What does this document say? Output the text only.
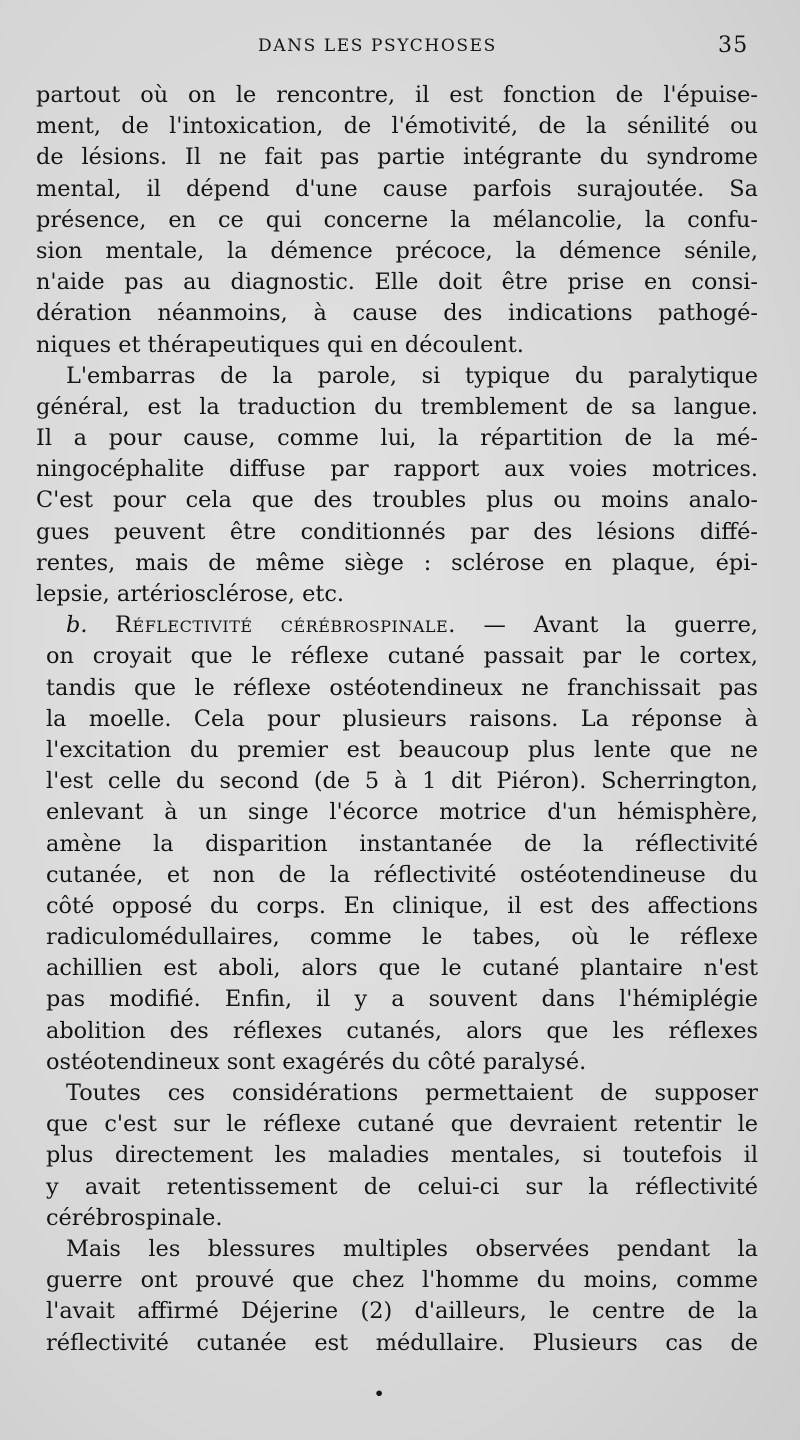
DANS LES PSYCHOSES	35
partout où on le rencontre, il est fonction de l'épuise-
ment, de l'intoxication, de l'émotivité, de la sénilité ou
de lésions. Il ne fait pas partie intégrante du syndrome
mental, il dépend d'une cause parfois surajoutée. Sa
présence, en ce qui concerne la mélancolie, la confu-
sion mentale, la démence précoce, la démence sénile,
n'aide pas au diagnostic. Elle doit être prise en consi-
dération néanmoins, à cause des indications pathogé-
niques et thérapeutiques qui en découlent.
L'embarras de la parole, si typique du paralytique
général, est la traduction du tremblement de sa langue.
Il a pour cause, comme lui, la répartition de la mé-
ningocéphalite diffuse par rapport aux voies motrices.
C'est pour cela que des troubles plus ou moins analo-
gues peuvent être conditionnés par des lésions diffé-
rentes, mais de même siège : sclérose en plaque, épi-
lepsie, artériosclérose, etc.
b. Réflectivité cérébrospinale. — Avant la guerre,
on croyait que le réflexe cutané passait par le cortex,
tandis que le réflexe ostéotendineux ne franchissait pas
la moelle. Cela pour plusieurs raisons. La réponse à
l'excitation du premier est beaucoup plus lente que ne
l'est celle du second (de 5 à 1 dit Piéron). Scherrington,
enlevant à un singe l'écorce motrice d'un hémisphère,
amène la disparition instantanée de la réflectivité
cutanée, et non de la réflectivité ostéotendineuse du
côté opposé du corps. En clinique, il est des affections
radiculomédullaires, comme le tabes, où le réflexe
achillien est aboli, alors que le cutané plantaire n'est
pas modifié. Enfin, il y a souvent dans l'hémiplégie
abolition des réflexes cutanés, alors que les réflexes
ostéotendineux sont exagérés du côté paralysé.
Toutes ces considérations permettaient de supposer
que c'est sur le réflexe cutané que devraient retentir le
plus directement les maladies mentales, si toutefois il
y avait retentissement de celui-ci sur la réflectivité
cérébrospinale.
Mais les blessures multiples observées pendant la
guerre ont prouvé que chez l'homme du moins, comme
l'avait affirmé Déjerine (2) d'ailleurs, le centre de la
réflectivité cutanée est médullaire. Plusieurs cas de
•
